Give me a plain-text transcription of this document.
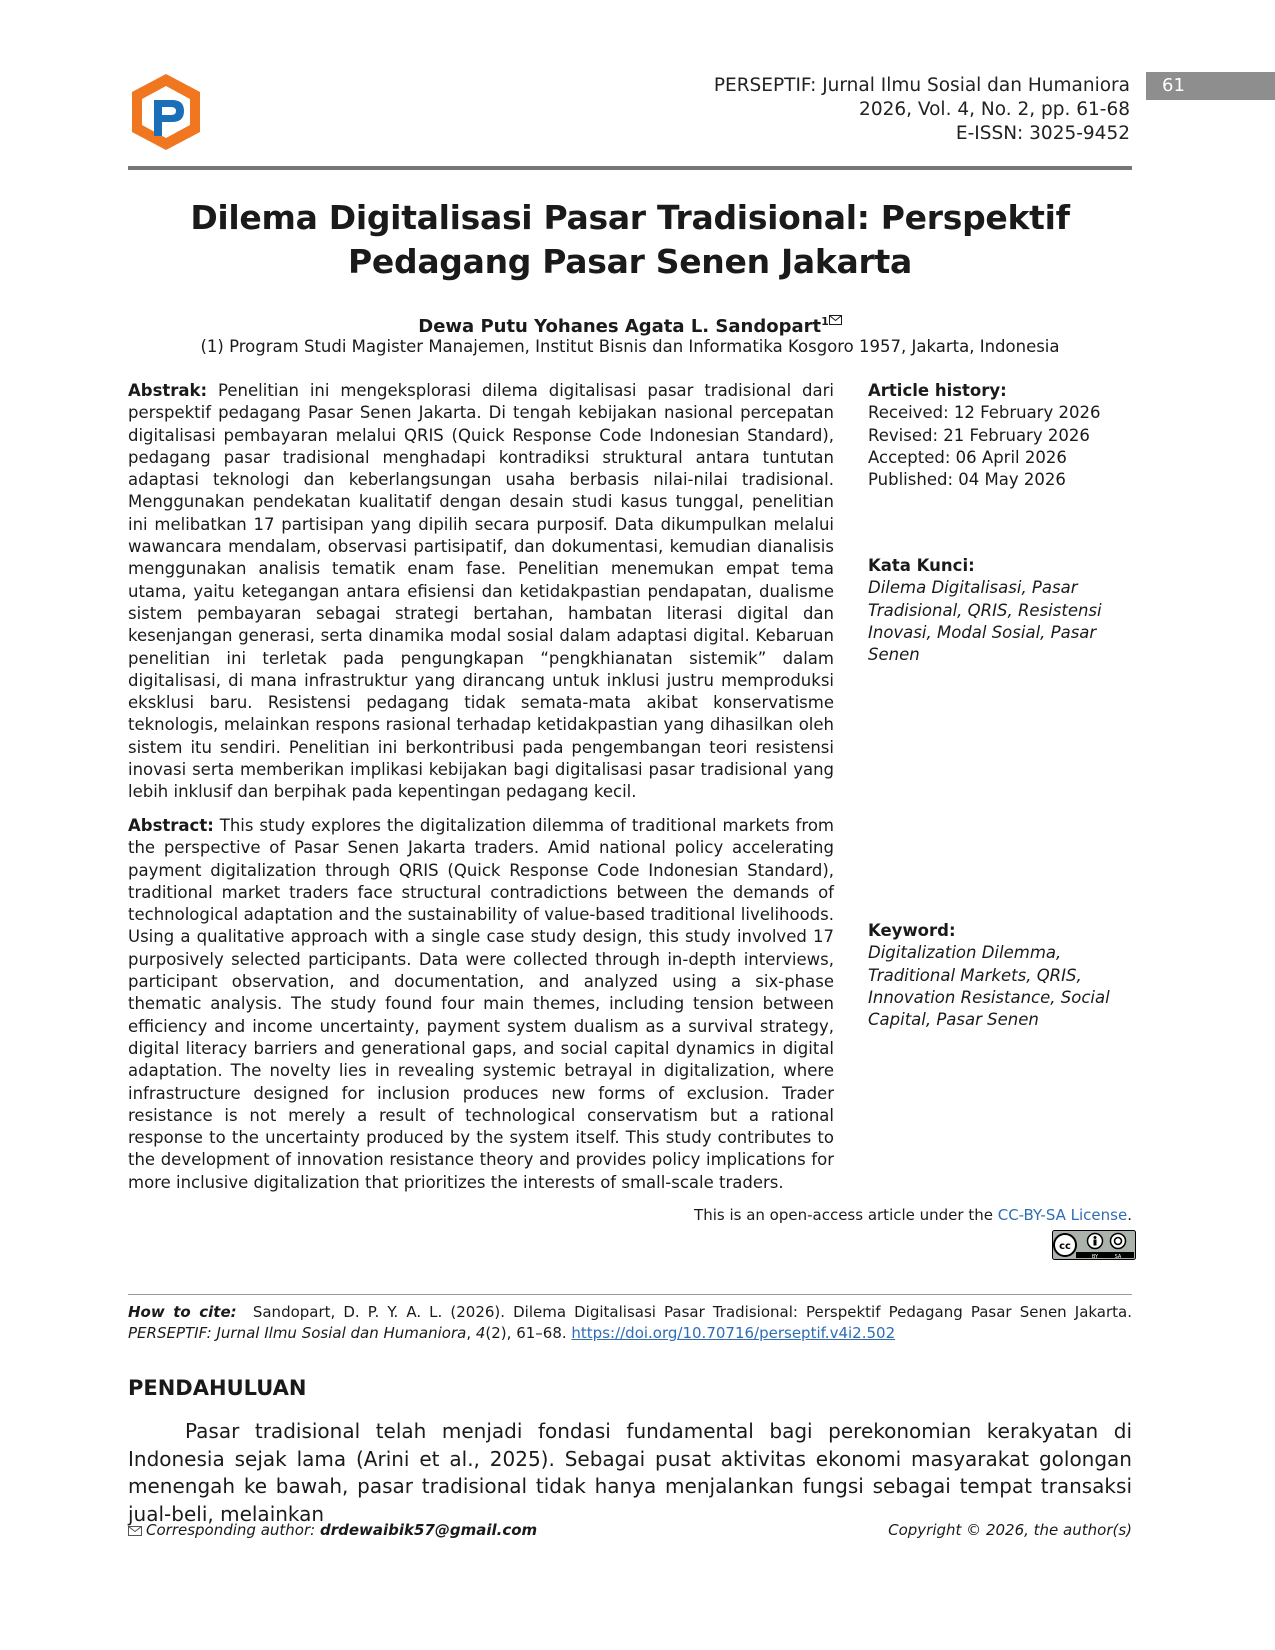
PERSEPTIF: Jurnal Ilmu Sosial dan Humaniora
2026, Vol. 4, No. 2, pp. 61-68
E-ISSN: 3025-9452
61
Dilema Digitalisasi Pasar Tradisional: Perspektif Pedagang Pasar Senen Jakarta
Dewa Putu Yohanes Agata L. Sandopart$^1$
(1) Program Studi Magister Manajemen, Institut Bisnis dan Informatika Kosgoro 1957, Jakarta, Indonesia
Abstrak: Penelitian ini mengeksplorasi dilema digitalisasi pasar tradisional dari perspektif pedagang Pasar Senen Jakarta. Di tengah kebijakan nasional percepatan digitalisasi pembayaran melalui QRIS (Quick Response Code Indonesian Standard), pedagang pasar tradisional menghadapi kontradiksi struktural antara tuntutan adaptasi teknologi dan keberlangsungan usaha berbasis nilai-nilai tradisional. Menggunakan pendekatan kualitatif dengan desain studi kasus tunggal, penelitian ini melibatkan 17 partisipan yang dipilih secara purposif. Data dikumpulkan melalui wawancara mendalam, observasi partisipatif, dan dokumentasi, kemudian dianalisis menggunakan analisis tematik enam fase. Penelitian menemukan empat tema utama, yaitu ketegangan antara efisiensi dan ketidakpastian pendapatan, dualisme sistem pembayaran sebagai strategi bertahan, hambatan literasi digital dan kesenjangan generasi, serta dinamika modal sosial dalam adaptasi digital. Kebaruan penelitian ini terletak pada pengungkapan “pengkhianatan sistemik” dalam digitalisasi, di mana infrastruktur yang dirancang untuk inklusi justru memproduksi eksklusi baru. Resistensi pedagang tidak semata-mata akibat konservatisme teknologis, melainkan respons rasional terhadap ketidakpastian yang dihasilkan oleh sistem itu sendiri. Penelitian ini berkontribusi pada pengembangan teori resistensi inovasi serta memberikan implikasi kebijakan bagi digitalisasi pasar tradisional yang lebih inklusif dan berpihak pada kepentingan pedagang kecil.
Abstract: This study explores the digitalization dilemma of traditional markets from the perspective of Pasar Senen Jakarta traders. Amid national policy accelerating payment digitalization through QRIS (Quick Response Code Indonesian Standard), traditional market traders face structural contradictions between the demands of technological adaptation and the sustainability of value-based traditional livelihoods. Using a qualitative approach with a single case study design, this study involved 17 purposively selected participants. Data were collected through in-depth interviews, participant observation, and documentation, and analyzed using a six-phase thematic analysis. The study found four main themes, including tension between efficiency and income uncertainty, payment system dualism as a survival strategy, digital literacy barriers and generational gaps, and social capital dynamics in digital adaptation. The novelty lies in revealing systemic betrayal in digitalization, where infrastructure designed for inclusion produces new forms of exclusion. Trader resistance is not merely a result of technological conservatism but a rational response to the uncertainty produced by the system itself. This study contributes to the development of innovation resistance theory and provides policy implications for more inclusive digitalization that prioritizes the interests of small-scale traders.
Article history:
Received: 12 February 2026
Revised: 21 February 2026
Accepted: 06 April 2026
Published: 04 May 2026
Kata Kunci:
Dilema Digitalisasi, Pasar Tradisional, QRIS, Resistensi Inovasi, Modal Sosial, Pasar Senen
Keyword:
Digitalization Dilemma, Traditional Markets, QRIS, Innovation Resistance, Social Capital, Pasar Senen
This is an open-access article under the CC-BY-SA License.
cc
BY	SA
How to cite: Sandopart, D. P. Y. A. L. (2026). Dilema Digitalisasi Pasar Tradisional: Perspektif Pedagang Pasar Senen Jakarta. PERSEPTIF: Jurnal Ilmu Sosial dan Humaniora, 4(2), 61–68. https://doi.org/10.70716/perseptif.v4i2.502
PENDAHULUAN
Pasar tradisional telah menjadi fondasi fundamental bagi perekonomian kerakyatan di Indonesia sejak lama (Arini et al., 2025). Sebagai pusat aktivitas ekonomi masyarakat golongan menengah ke bawah, pasar tradisional tidak hanya menjalankan fungsi sebagai tempat transaksi jual-beli, melainkan
Corresponding author: drdewaibik57@gmail.com	Copyright © 2026, the author(s)
